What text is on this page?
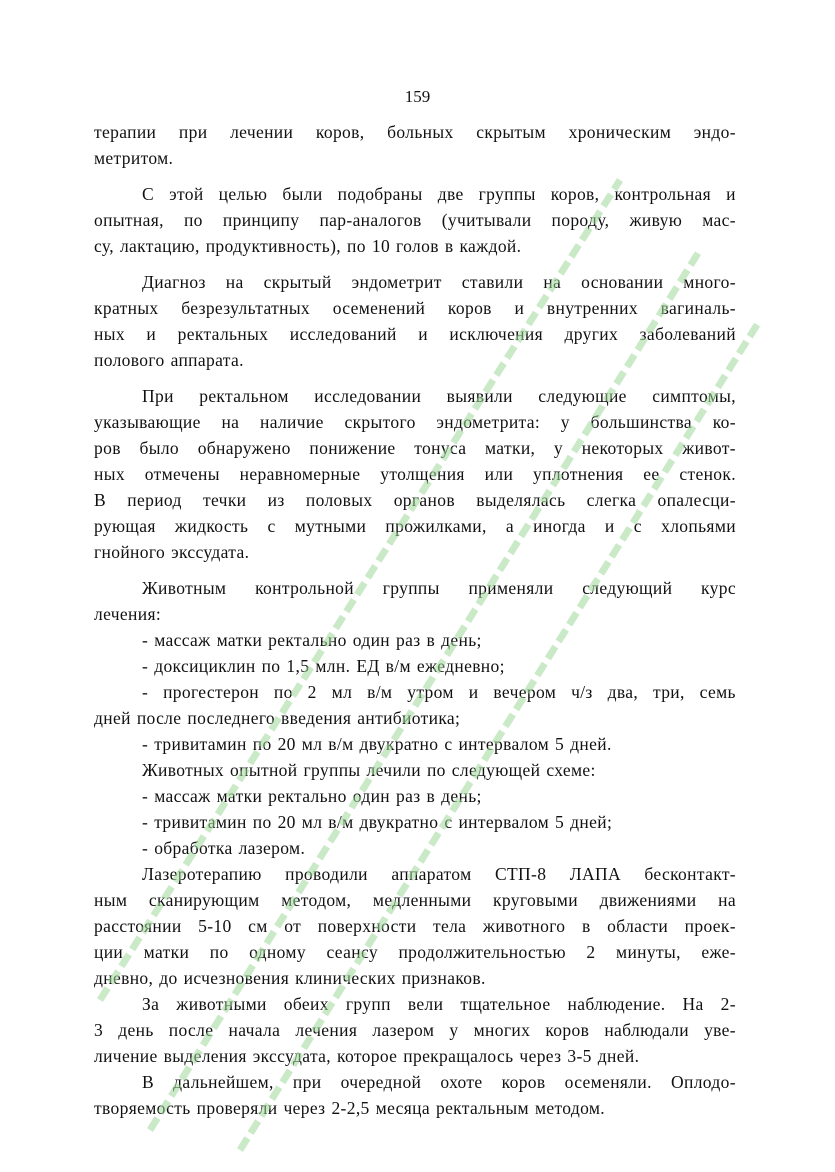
159
терапии при лечении коров, больных скрытым хроническим эндо-
метритом.
С этой целью были подобраны две группы коров, контрольная и
опытная, по принципу пар-аналогов (учитывали породу, живую мас-
су, лактацию, продуктивность), по 10 голов в каждой.
Диагноз на скрытый эндометрит ставили на основании много-
кратных безрезультатных осеменений коров и внутренних вагиналь-
ных и ректальных исследований и исключения других заболеваний
полового аппарата.
При ректальном исследовании выявили следующие симптомы,
указывающие на наличие скрытого эндометрита: у большинства ко-
ров было обнаружено понижение тонуса матки, у некоторых живот-
ных отмечены неравномерные утолщения или уплотнения ее стенок.
В период течки из половых органов выделялась слегка опалесци-
рующая жидкость с мутными прожилками, а иногда и с хлопьями
гнойного экссудата.
Животным контрольной группы применяли следующий курс
лечения:
- массаж матки ректально один раз в день;
- доксициклин по 1,5 млн. ЕД в/м ежедневно;
- прогестерон по 2 мл в/м утром и вечером ч/з два, три, семь
дней после последнего введения антибиотика;
- тривитамин по 20 мл в/м двукратно с интервалом 5 дней.
Животных опытной группы лечили по следующей схеме:
- массаж матки ректально один раз в день;
- тривитамин по 20 мл в/м двукратно с интервалом 5 дней;
- обработка лазером.
Лазеротерапию проводили аппаратом СТП-8 ЛАПА бесконтакт-
ным сканирующим методом, медленными круговыми движениями на
расстоянии 5-10 см от поверхности тела животного в области проек-
ции матки по одному сеансу продолжительностью 2 минуты, еже-
дневно, до исчезновения клинических признаков.
За животными обеих групп вели тщательное наблюдение. На 2-
3 день после начала лечения лазером у многих коров наблюдали уве-
личение выделения экссудата, которое прекращалось через 3-5 дней.
В дальнейшем, при очередной охоте коров осеменяли. Оплодо-
творяемость проверяли через 2-2,5 месяца ректальным методом.
